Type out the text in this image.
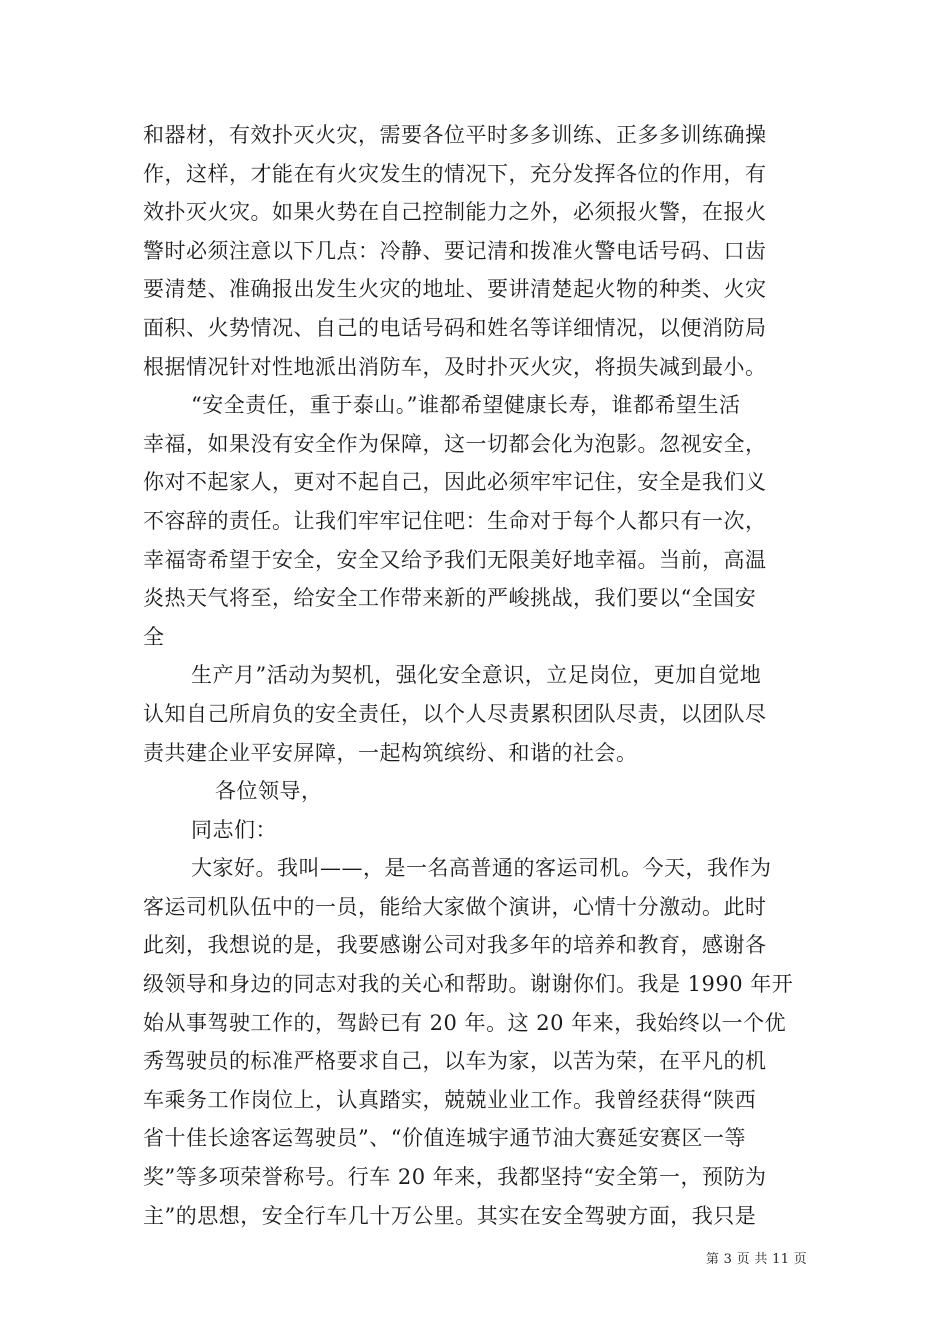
和器材，有效扑灭火灾，需要各位平时多多训练、正多多训练确操
作，这样，才能在有火灾发生的情况下，充分发挥各位的作用，有
效扑灭火灾。如果火势在自己控制能力之外，必须报火警，在报火
警时必须注意以下几点：冷静、要记清和拨准火警电话号码、口齿
要清楚、准确报出发生火灾的地址、要讲清楚起火物的种类、火灾
面积、火势情况、自己的电话号码和姓名等详细情况，以便消防局
根据情况针对性地派出消防车，及时扑灭火灾，将损失减到最小。
“安全责任，重于泰山。”谁都希望健康长寿，谁都希望生活
幸福，如果没有安全作为保障，这一切都会化为泡影。忽视安全，
你对不起家人，更对不起自己，因此必须牢牢记住，安全是我们义
不容辞的责任。让我们牢牢记住吧：生命对于每个人都只有一次，
幸福寄希望于安全，安全又给予我们无限美好地幸福。当前，高温
炎热天气将至，给安全工作带来新的严峻挑战，我们要以“全国安
全
生产月”活动为契机，强化安全意识，立足岗位，更加自觉地
认知自己所肩负的安全责任，以个人尽责累积团队尽责，以团队尽
责共建企业平安屏障，一起构筑缤纷、和谐的社会。
各位领导，
同志们：
大家好。我叫——，是一名高普通的客运司机。今天，我作为
客运司机队伍中的一员，能给大家做个演讲，心情十分激动。此时
此刻，我想说的是，我要感谢公司对我多年的培养和教育，感谢各
级领导和身边的同志对我的关心和帮助。谢谢你们。我是 1990 年开
始从事驾驶工作的，驾龄已有 20 年。这 20 年来，我始终以一个优
秀驾驶员的标准严格要求自己，以车为家，以苦为荣，在平凡的机
车乘务工作岗位上，认真踏实，兢兢业业工作。我曾经获得“陕西
省十佳长途客运驾驶员”、“价值连城宇通节油大赛延安赛区一等
奖”等多项荣誉称号。行车 20 年来，我都坚持“安全第一，预防为
主”的思想，安全行车几十万公里。其实在安全驾驶方面，我只是
第 3 页 共 11 页
